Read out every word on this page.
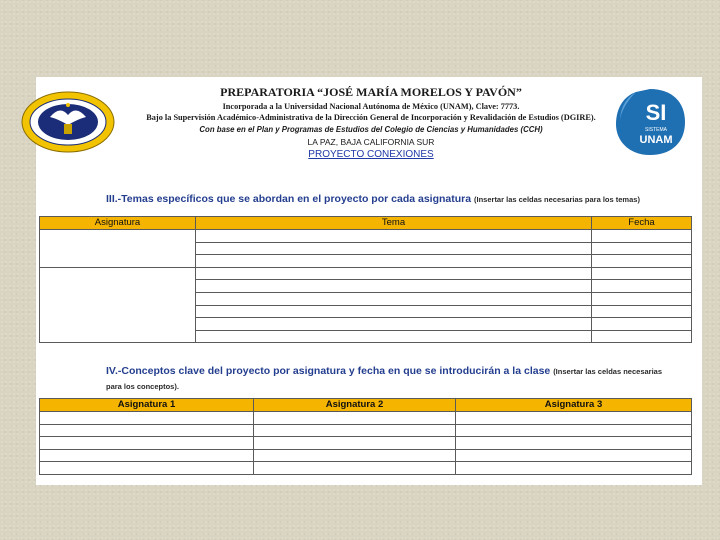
PREPARATORIA “JOSÉ MARÍA MORELOS Y PAVÓN”
Incorporada a la Universidad Nacional Autónoma de México (UNAM), Clave: 7773.
Bajo la Supervisión Académico-Administrativa de la Dirección General de Incorporación y Revalidación de Estudios (DGIRE).
Con base en el Plan y Programas de Estudios del Colegio de Ciencias y Humanidades (CCH)
LA PAZ, BAJA CALIFORNIA SUR
PROYECTO CONEXIONES
SI
SISTEMA
UNAM
III.-Temas específicos que se abordan en el proyecto por cada asignatura (Insertar las celdas necesarias para los temas)
Asignatura	Tema	Fecha

IV.-Conceptos clave del proyecto por asignatura y fecha en que se introducirán a la clase (Insertar las celdas necesarias para los conceptos).
Asignatura 1	Asignatura 2	Asignatura 3
